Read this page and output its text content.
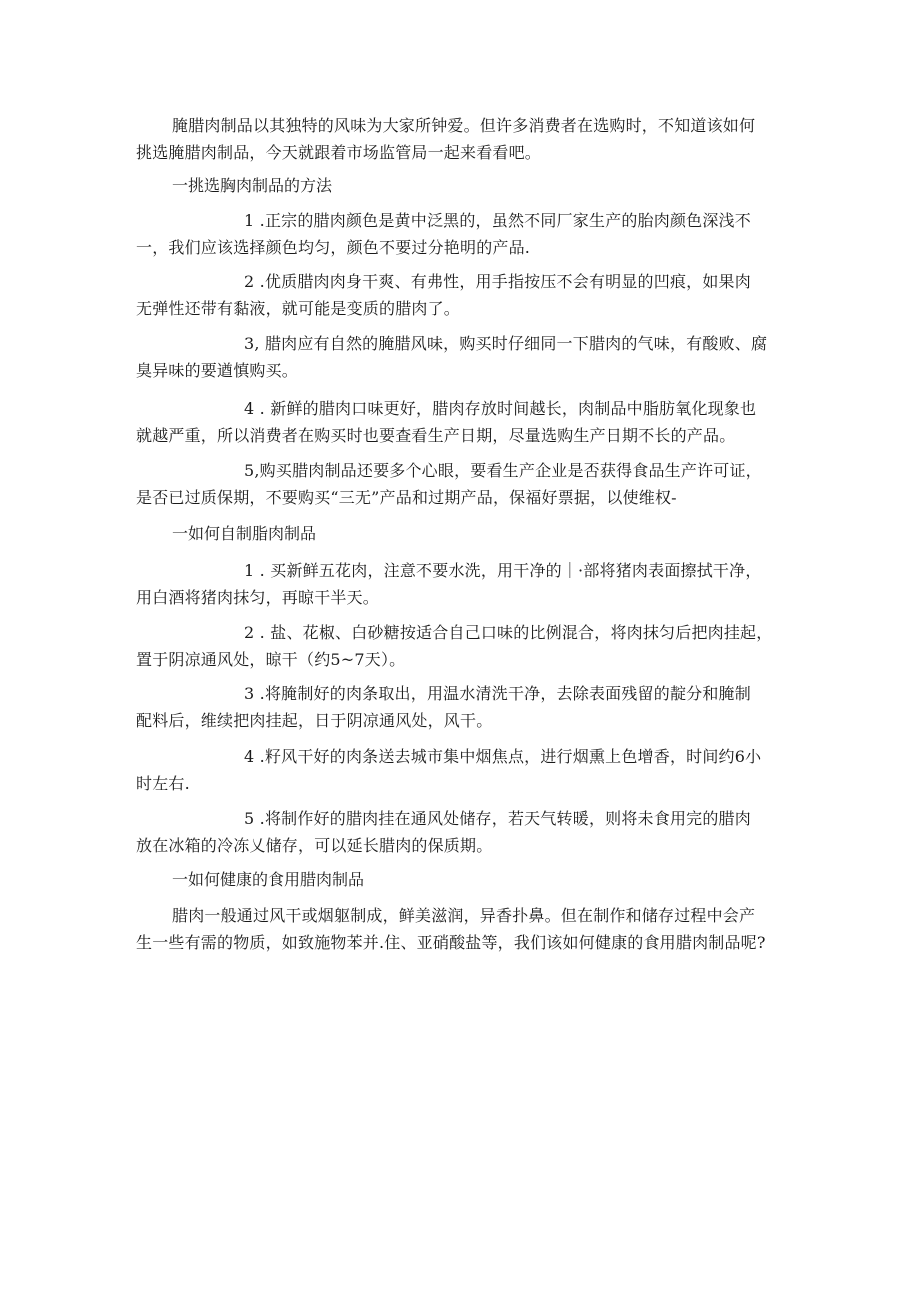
腌腊肉制品以其独特的风味为大家所钟爱。但许多消费者在选购时，不知道该如何
挑选腌腊肉制品，今天就跟着市场监管局一起来看看吧。

一挑选胸肉制品的方法

1 .正宗的腊肉颜色是黄中泛黑的，虽然不同厂家生产的胎肉颜色深浅不
一，我们应该选择颜色均匀，颜色不要过分艳明的产品.

2 .优质腊肉肉身干爽、有弗性，用手指按压不会有明显的凹痕，如果肉
无弹性还带有黏液，就可能是变质的腊肉了。

3, 腊肉应有自然的腌腊风味，购买时仔细同一下腊肉的气味，有酸败、腐
臭异味的要遒慎购买。

4 . 新鲜的腊肉口味更好，腊肉存放时间越长，肉制品中脂肪氧化现象也
就越严重，所以消费者在购买时也要查看生产日期，尽量选购生产日期不长的产品。

5,购买腊肉制品还要多个心眼，要看生产企业是否获得食品生产许可证，
是否已过质保期，不要购买“三无”产品和过期产品，保福好票据，以使维权-

一如何自制脂肉制品

1 . 买新鲜五花肉，注意不要水洗，用干净的｜·部将猪肉表面擦拭干净，
用白酒将猪肉抹匀，再晾干半天。

2 . 盐、花椒、白砂糖按适合自己口味的比例混合，将肉抹匀后把肉挂起，
置于阴凉通风处，晾干（约5~7天）。

3 .将腌制好的肉条取出，用温水清洗干净，去除表面残留的靛分和腌制
配料后，维续把肉挂起，日于阴凉通风处，风干。

4 .籽风干好的肉条送去城市集中烟焦点，进行烟熏上色增香，时间约6小
时左右.

5 .将制作好的腊肉挂在通风处储存，若天气转暖，则将未食用完的腊肉
放在冰箱的冷冻乂储存，可以延长腊肉的保质期。

一如何健康的食用腊肉制品

腊肉一般通过风干或烟躯制成，鲜美滋润，异香扑鼻。但在制作和储存过程中会产
生一些有需的物质，如致施物苯并.住、亚硝酸盐等，我们该如何健康的食用腊肉制品呢?
